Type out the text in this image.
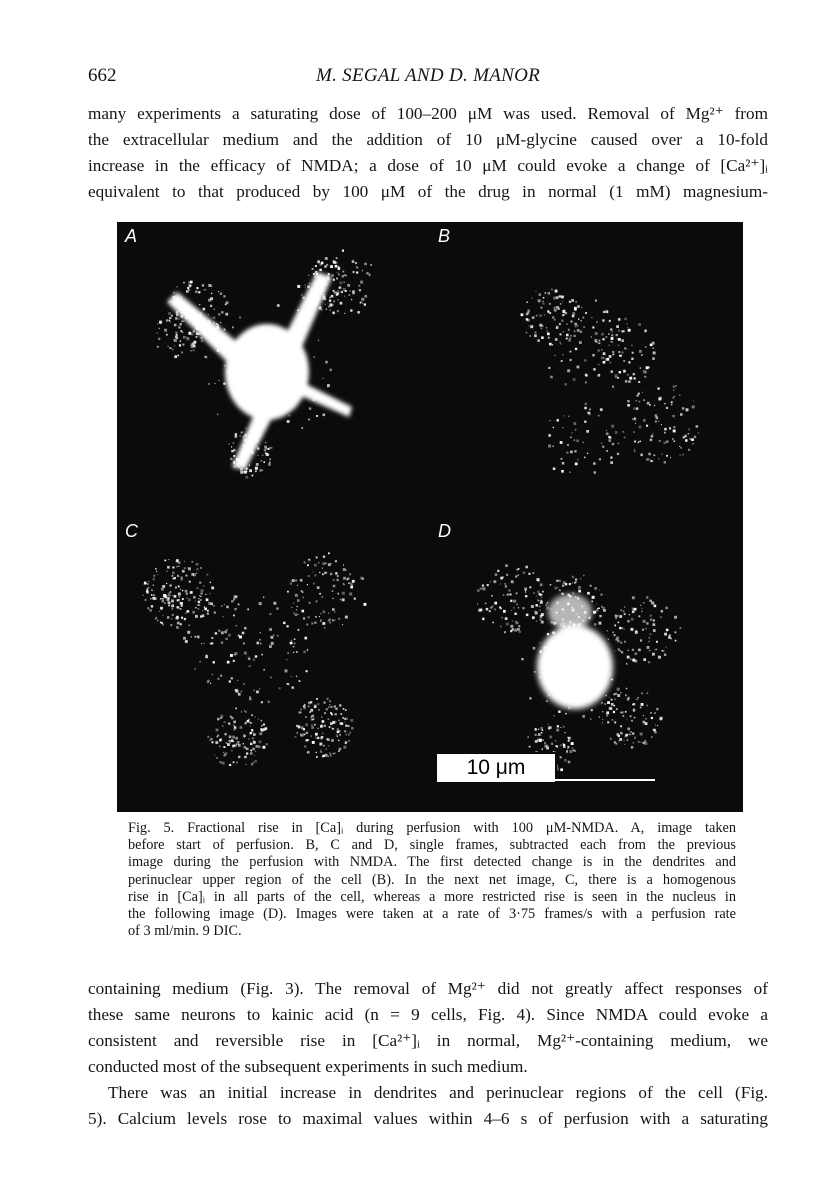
662	M. SEGAL AND D. MANOR
many experiments a saturating dose of 100–200 μM was used. Removal of Mg²⁺ from
the extracellular medium and the addition of 10 μM-glycine caused over a 10-fold
increase in the efficacy of NMDA; a dose of 10 μM could evoke a change of [Ca²⁺]ᵢ
equivalent to that produced by 100 μM of the drug in normal (1 mM) magnesium-
A	B
C	D
10 μm
Fig. 5. Fractional rise in [Ca]ᵢ during perfusion with 100 μM-NMDA. A, image taken
before start of perfusion. B, C and D, single frames, subtracted each from the previous
image during the perfusion with NMDA. The first detected change is in the dendrites and
perinuclear upper region of the cell (B). In the next net image, C, there is a homogenous
rise in [Ca]ᵢ in all parts of the cell, whereas a more restricted rise is seen in the nucleus in
the following image (D). Images were taken at a rate of 3·75 frames/s with a perfusion rate
of 3 ml/min. 9 DIC.
containing medium (Fig. 3). The removal of Mg²⁺ did not greatly affect responses of
these same neurons to kainic acid (n = 9 cells, Fig. 4). Since NMDA could evoke a
consistent and reversible rise in [Ca²⁺]ᵢ in normal, Mg²⁺-containing medium, we
conducted most of the subsequent experiments in such medium.
There was an initial increase in dendrites and perinuclear regions of the cell (Fig.
5). Calcium levels rose to maximal values within 4–6 s of perfusion with a saturating
